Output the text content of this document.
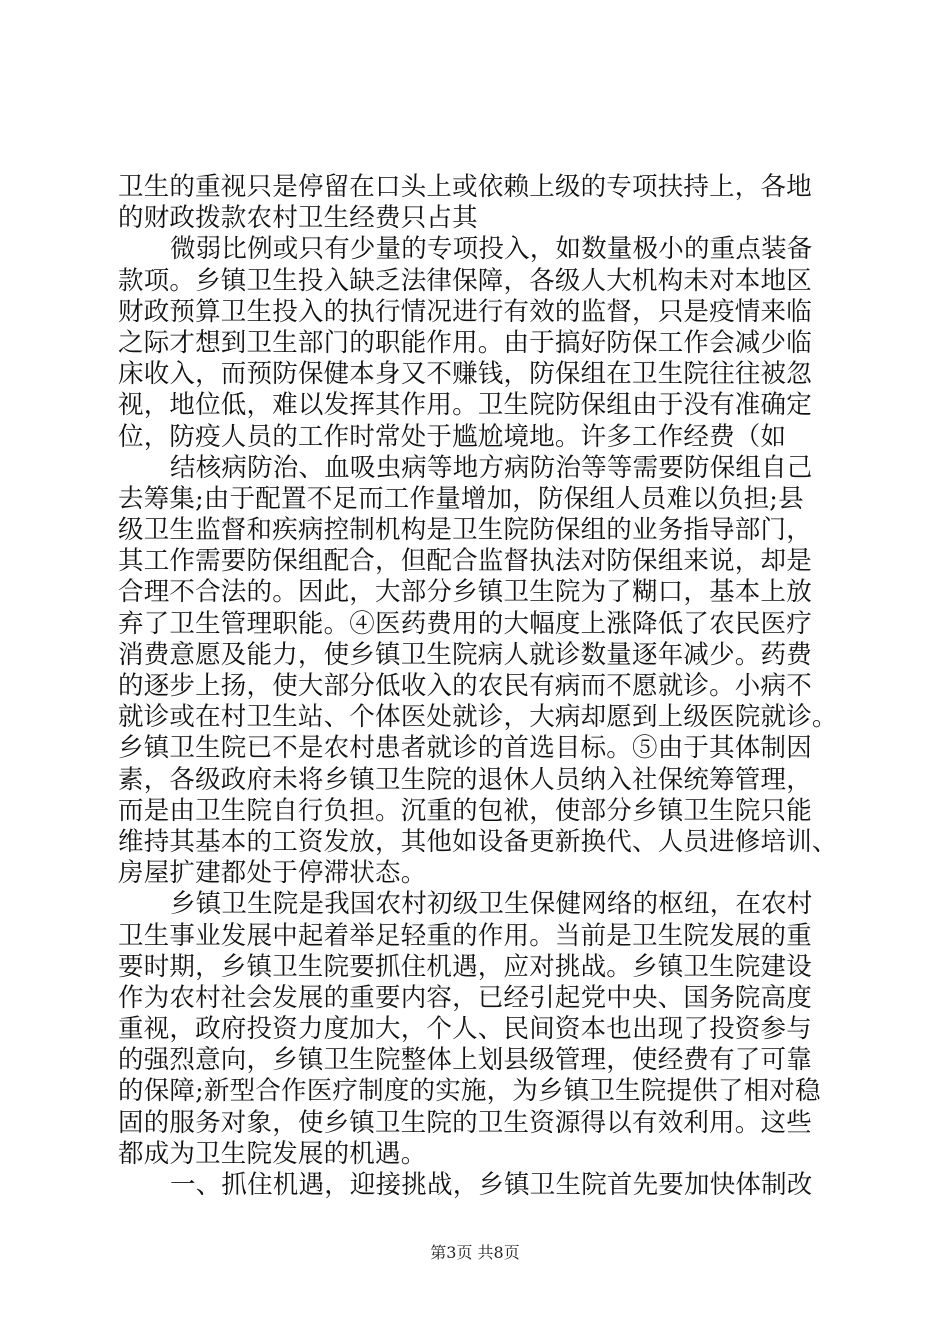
卫生的重视只是停留在口头上或依赖上级的专项扶持上，各地
的财政拨款农村卫生经费只占其
微弱比例或只有少量的专项投入，如数量极小的重点装备
款项。乡镇卫生投入缺乏法律保障，各级人大机构未对本地区
财政预算卫生投入的执行情况进行有效的监督，只是疫情来临
之际才想到卫生部门的职能作用。由于搞好防保工作会减少临
床收入，而预防保健本身又不赚钱，防保组在卫生院往往被忽
视，地位低，难以发挥其作用。卫生院防保组由于没有准确定
位，防疫人员的工作时常处于尴尬境地。许多工作经费（如
结核病防治、血吸虫病等地方病防治等等需要防保组自己
去筹集;由于配置不足而工作量增加，防保组人员难以负担;县
级卫生监督和疾病控制机构是卫生院防保组的业务指导部门，
其工作需要防保组配合，但配合监督执法对防保组来说，却是
合理不合法的。因此，大部分乡镇卫生院为了糊口，基本上放
弃了卫生管理职能。④医药费用的大幅度上涨降低了农民医疗
消费意愿及能力，使乡镇卫生院病人就诊数量逐年减少。药费
的逐步上扬，使大部分低收入的农民有病而不愿就诊。小病不
就诊或在村卫生站、个体医处就诊，大病却愿到上级医院就诊。
乡镇卫生院已不是农村患者就诊的首选目标。⑤由于其体制因
素，各级政府未将乡镇卫生院的退休人员纳入社保统筹管理，
而是由卫生院自行负担。沉重的包袱，使部分乡镇卫生院只能
维持其基本的工资发放，其他如设备更新换代、人员进修培训、
房屋扩建都处于停滞状态。
乡镇卫生院是我国农村初级卫生保健网络的枢纽，在农村
卫生事业发展中起着举足轻重的作用。当前是卫生院发展的重
要时期，乡镇卫生院要抓住机遇，应对挑战。乡镇卫生院建设
作为农村社会发展的重要内容，已经引起党中央、国务院高度
重视，政府投资力度加大，个人、民间资本也出现了投资参与
的强烈意向，乡镇卫生院整体上划县级管理，使经费有了可靠
的保障;新型合作医疗制度的实施，为乡镇卫生院提供了相对稳
固的服务对象，使乡镇卫生院的卫生资源得以有效利用。这些
都成为卫生院发展的机遇。
一、抓住机遇，迎接挑战，乡镇卫生院首先要加快体制改
第3页 共8页
